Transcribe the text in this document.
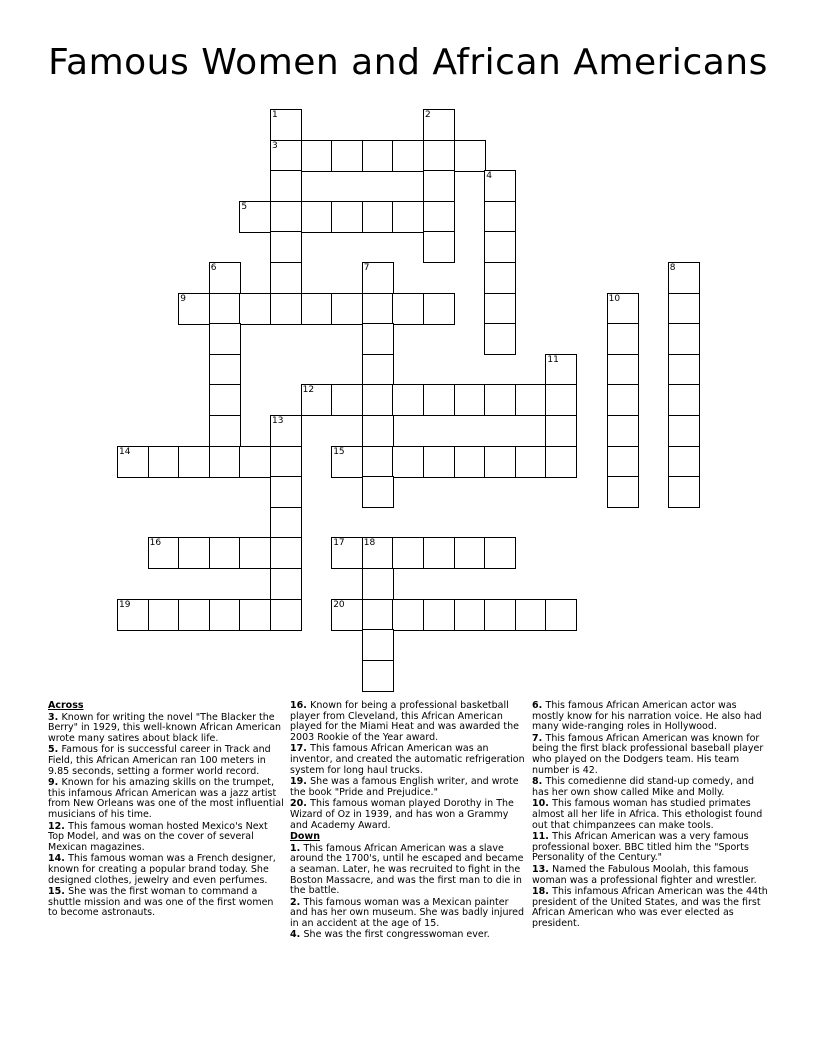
Famous Women and African Americans
1	2
3
4
5
6	7	8
9	10
11
12
13
14	15
16	17 18
19	20
Across

3. Known for writing the novel "The Blacker the Berry" in 1929, this well-known African American wrote many satires about black life.

5. Famous for is successful career in Track and Field, this African American ran 100 meters in 9.85 seconds, setting a former world record.

9. Known for his amazing skills on the trumpet, this infamous African American was a jazz artist from New Orleans was one of the most influential musicians of his time.

12. This famous woman hosted Mexico's Next Top Model, and was on the cover of several Mexican magazines.

14. This famous woman was a French designer, known for creating a popular brand today. She designed clothes, jewelry and even perfumes.

15. She was the first woman to command a shuttle mission and was one of the first women to become astronauts.

16. Known for being a professional basketball player from Cleveland, this African American played for the Miami Heat and was awarded the 2003 Rookie of the Year award.

17. This famous African American was an inventor, and created the automatic refrigeration system for long haul trucks.

19. She was a famous English writer, and wrote the book "Pride and Prejudice."

20. This famous woman played Dorothy in The Wizard of Oz in 1939, and has won a Grammy and Academy Award.

Down

1. This famous African American was a slave around the 1700's, until he escaped and became a seaman. Later, he was recruited to fight in the Boston Massacre, and was the first man to die in the battle.

2. This famous woman was a Mexican painter and has her own museum. She was badly injured in an accident at the age of 15.

4. She was the first congresswoman ever.

6. This famous African American actor was mostly know for his narration voice. He also had many wide-ranging roles in Hollywood.

7. This famous African American was known for being the first black professional baseball player who played on the Dodgers team. His team number is 42.

8. This comedienne did stand-up comedy, and has her own show called Mike and Molly.

10. This famous woman has studied primates almost all her life in Africa. This ethologist found out that chimpanzees can make tools.

11. This African American was a very famous professional boxer. BBC titled him the "Sports Personality of the Century."

13. Named the Fabulous Moolah, this famous woman was a professional fighter and wrestler.

18. This infamous African American was the 44th president of the United States, and was the first African American who was ever elected as president.
